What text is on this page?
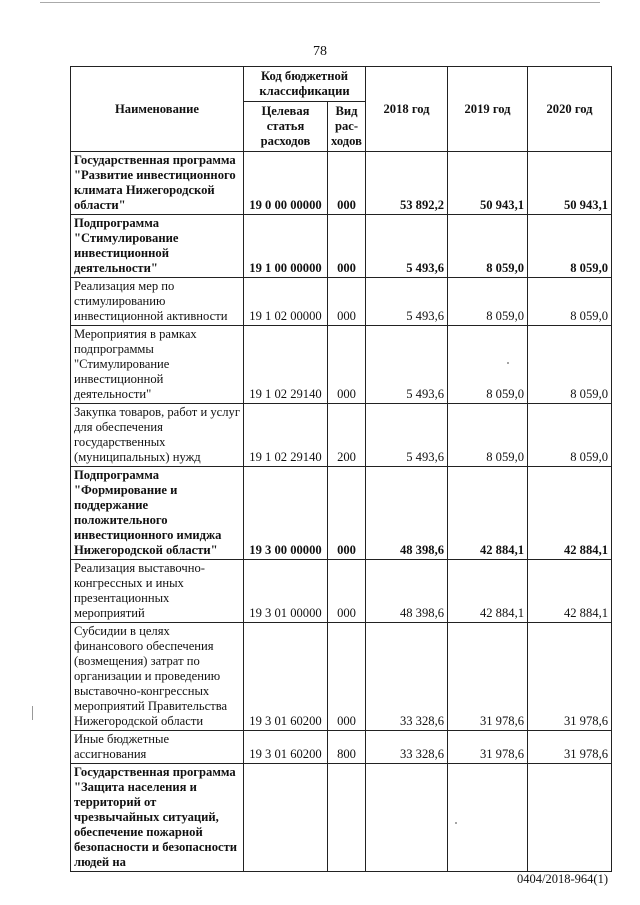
78
Наименование	Код бюджетной классификации		2018 год	2019 год	2020 год
	Целевая статья расходов	Вид рас- ходов			
Государственная программа "Развитие инвестиционного климата Нижегородской области"	19 0 00 00000	000	53 892,2	50 943,1	50 943,1
Подпрограмма "Стимулирование инвестиционной деятельности"	19 1 00 00000	000	5 493,6	8 059,0	8 059,0
Реализация мер по стимулированию инвестиционной активности	19 1 02 00000	000	5 493,6	8 059,0	8 059,0
Мероприятия в рамках подпрограммы "Стимулирование инвестиционной деятельности"	19 1 02 29140	000	5 493,6	8 059,0	8 059,0
Закупка товаров, работ и услуг для обеспечения государственных (муниципальных) нужд	19 1 02 29140	200	5 493,6	8 059,0	8 059,0
Подпрограмма "Формирование и поддержание положительного инвестиционного имиджа Нижегородской области"	19 3 00 00000	000	48 398,6	42 884,1	42 884,1
Реализация выставочно-конгрессных и иных презентационных мероприятий	19 3 01 00000	000	48 398,6	42 884,1	42 884,1
Субсидии в целях финансового обеспечения (возмещения) затрат по организации и проведению выставочно-конгрессных мероприятий Правительства Нижегородской области	19 3 01 60200	000	33 328,6	31 978,6	31 978,6
Иные бюджетные ассигнования	19 3 01 60200	800	33 328,6	31 978,6	31 978,6
Государственная программа "Защита населения и территорий от чрезвычайных ситуаций, обеспечение пожарной безопасности и безопасности людей на					
0404/2018-964(1)
